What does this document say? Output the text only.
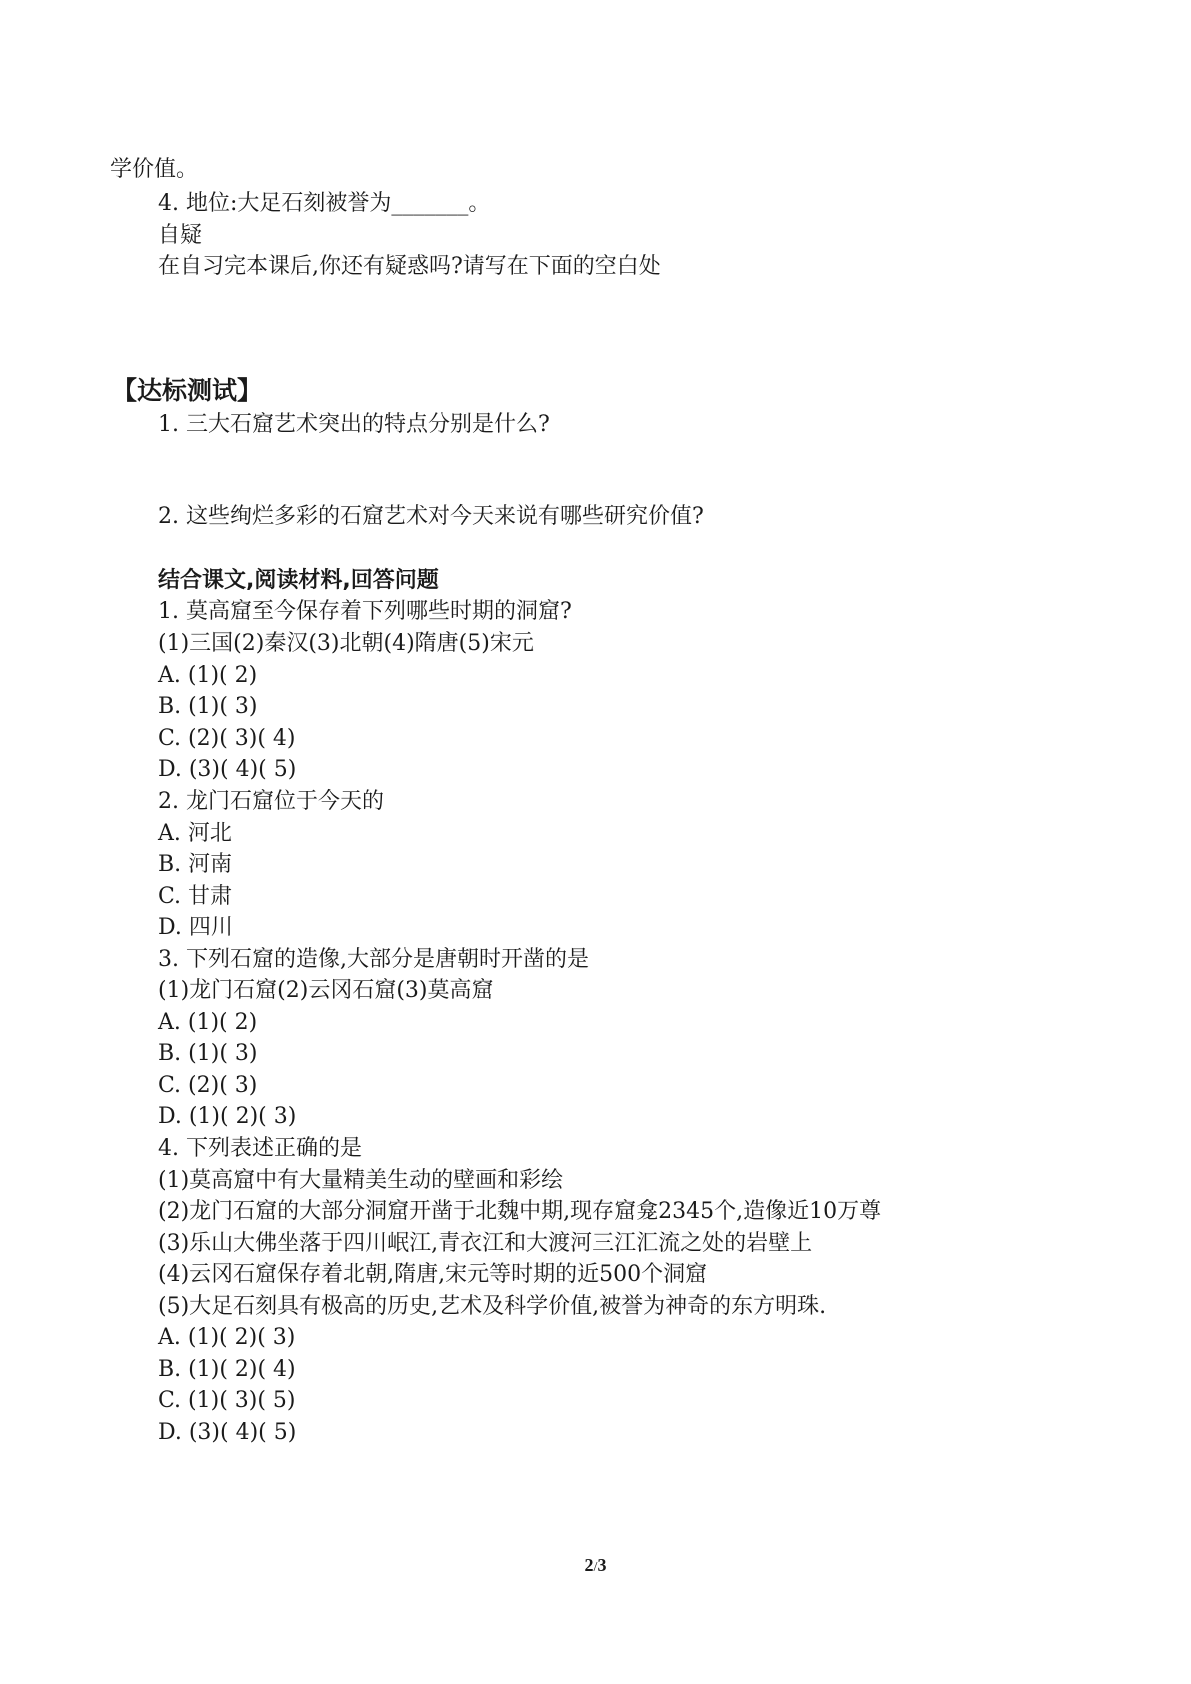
学价值。
4. 地位:大足石刻被誉为_______。
自疑
在自习完本课后,你还有疑惑吗?请写在下面的空白处
【达标测试】
1. 三大石窟艺术突出的特点分别是什么?
2. 这些绚烂多彩的石窟艺术对今天来说有哪些研究价值?
结合课文,阅读材料,回答问题
1. 莫高窟至今保存着下列哪些时期的洞窟?
(1)三国(2)秦汉(3)北朝(4)隋唐(5)宋元
A. (1)( 2)
B. (1)( 3)
C. (2)( 3)( 4)
D. (3)( 4)( 5)
2. 龙门石窟位于今天的
A. 河北
B. 河南
C. 甘肃
D. 四川
3. 下列石窟的造像,大部分是唐朝时开凿的是
(1)龙门石窟(2)云冈石窟(3)莫高窟
A. (1)( 2)
B. (1)( 3)
C. (2)( 3)
D. (1)( 2)( 3)
4. 下列表述正确的是
(1)莫高窟中有大量精美生动的壁画和彩绘
(2)龙门石窟的大部分洞窟开凿于北魏中期,现存窟龛2345个,造像近10万尊
(3)乐山大佛坐落于四川岷江,青衣江和大渡河三江汇流之处的岩壁上
(4)云冈石窟保存着北朝,隋唐,宋元等时期的近500个洞窟
(5)大足石刻具有极高的历史,艺术及科学价值,被誉为神奇的东方明珠.
A. (1)( 2)( 3)
B. (1)( 2)( 4)
C. (1)( 3)( 5)
D. (3)( 4)( 5)
2/3
